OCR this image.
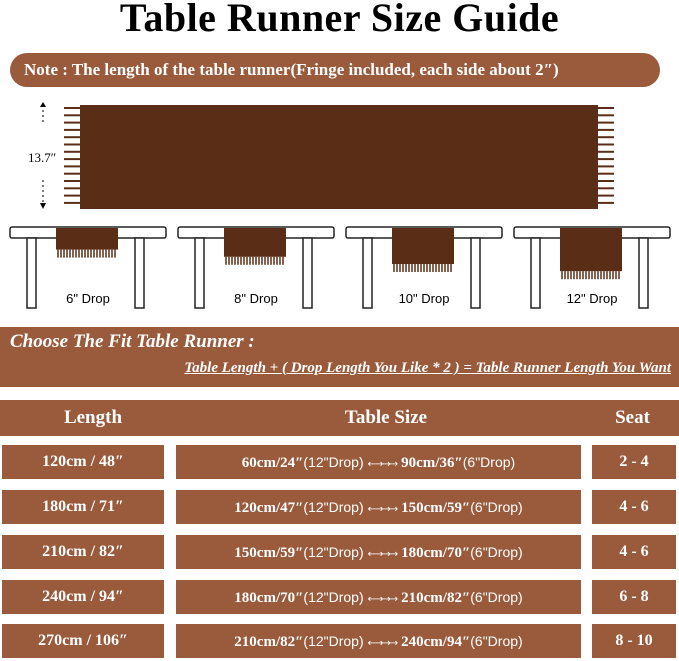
Table Runner Size Guide
Note : The length of the table runner(Fringe included, each side about 2″)
13.7″
6" Drop	8" Drop	10" Drop	12" Drop
Choose The Fit Table Runner :
Table Length + ( Drop Length You Like * 2 ) = Table Runner Length You Want
Length	Table Size	Seat
120cm / 48″	60cm/24″(12"Drop) ←→→→ 90cm/36″(6"Drop)	2 - 4
180cm / 71″	120cm/47″(12"Drop) ←→→→ 150cm/59″(6"Drop)	4 - 6
210cm / 82″	150cm/59″(12"Drop) ←→→→ 180cm/70″(6"Drop)	4 - 6
240cm / 94″	180cm/70″(12"Drop) ←→→→ 210cm/82″(6"Drop)	6 - 8
270cm / 106″	210cm/82″(12"Drop) ←→→→ 240cm/94″(6"Drop)	8 - 10
